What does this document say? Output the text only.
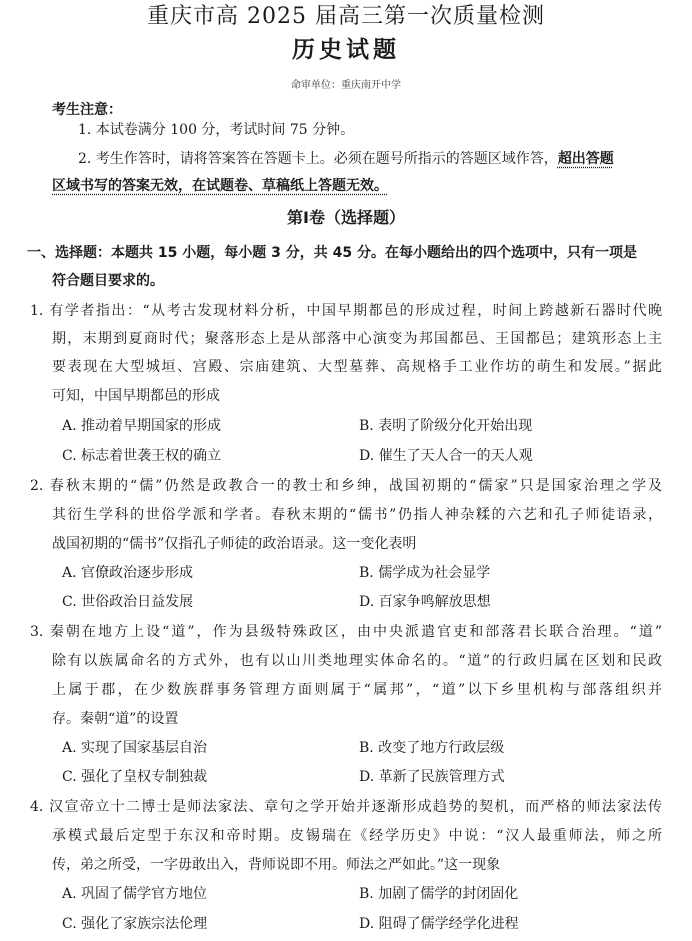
重庆市高 2025 届高三第一次质量检测
历史试题
命审单位：重庆南开中学
考生注意：
1. 本试卷满分 100 分，考试时间 75 分钟。
2. 考生作答时，请将答案答在答题卡上。必须在题号所指示的答题区域作答，超出答题
区域书写的答案无效，在试题卷、草稿纸上答题无效。
第Ⅰ卷（选择题）
一、选择题：本题共 15 小题，每小题 3 分，共 45 分。在每小题给出的四个选项中，只有一项是
符合题目要求的。
1. 有学者指出：“从考古发现材料分析，中国早期都邑的形成过程，时间上跨越新石器时代晚
期，末期到夏商时代；聚落形态上是从部落中心演变为邦国都邑、王国都邑；建筑形态上主
要表现在大型城垣、宫殿、宗庙建筑、大型墓葬、高规格手工业作坊的萌生和发展。”据此
可知，中国早期都邑的形成
A. 推动着早期国家的形成	B. 表明了阶级分化开始出现
C. 标志着世袭王权的确立	D. 催生了天人合一的天人观
2. 春秋末期的“儒”仍然是政教合一的教士和乡绅，战国初期的“儒家”只是国家治理之学及
其衍生学科的世俗学派和学者。春秋末期的“儒书”仍指人神杂糅的六艺和孔子师徒语录，
战国初期的“儒书”仅指孔子师徒的政治语录。这一变化表明
A. 官僚政治逐步形成	B. 儒学成为社会显学
C. 世俗政治日益发展	D. 百家争鸣解放思想
3. 秦朝在地方上设“道”，作为县级特殊政区，由中央派遣官吏和部落君长联合治理。“道”
除有以族属命名的方式外，也有以山川类地理实体命名的。“道”的行政归属在区划和民政
上属于郡，在少数族群事务管理方面则属于“属邦”，“道”以下乡里机构与部落组织并
存。秦朝“道”的设置
A. 实现了国家基层自治	B. 改变了地方行政层级
C. 强化了皇权专制独裁	D. 革新了民族管理方式
4. 汉宣帝立十二博士是师法家法、章句之学开始并逐渐形成趋势的契机，而严格的师法家法传
承模式最后定型于东汉和帝时期。皮锡瑞在《经学历史》中说：“汉人最重师法，师之所
传，弟之所受，一字毋敢出入，背师说即不用。师法之严如此。”这一现象
A. 巩固了儒学官方地位	B. 加剧了儒学的封闭固化
C. 强化了家族宗法伦理	D. 阻碍了儒学经学化进程
